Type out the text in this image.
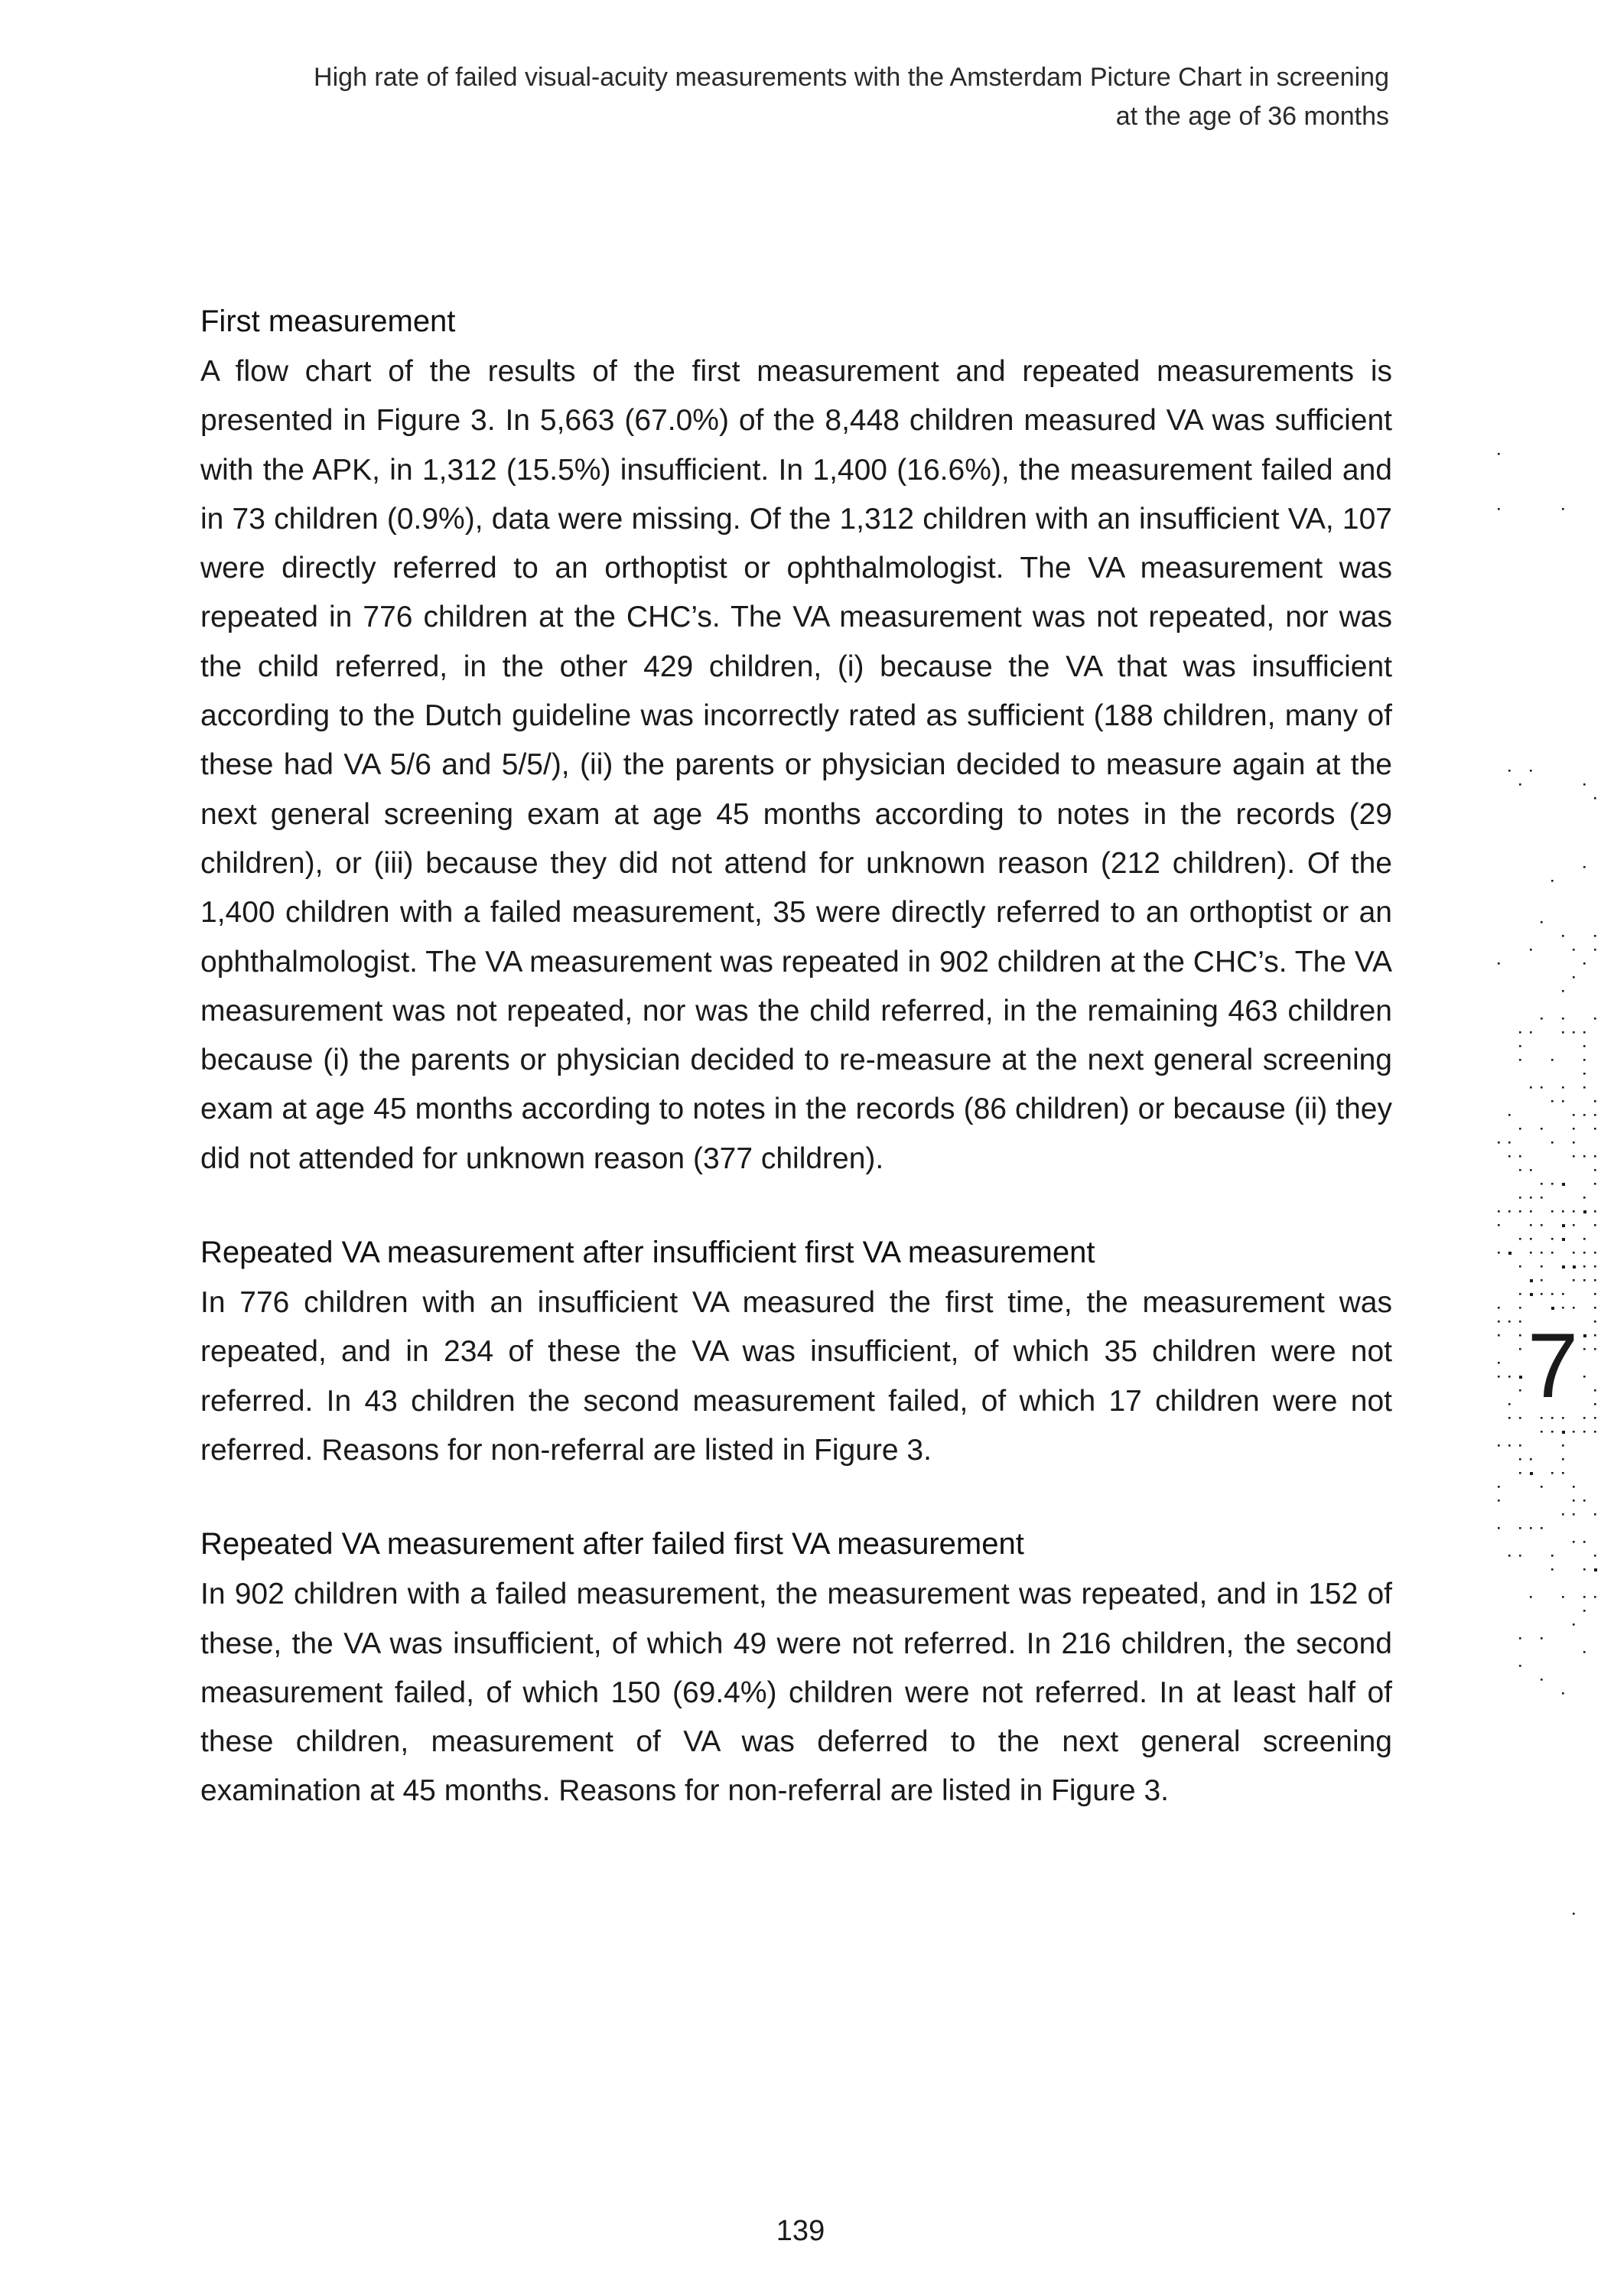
High rate of failed visual-acuity measurements with the Amsterdam Picture Chart in screening
at the age of 36 months
First measurement

A flow chart of the results of the first measurement and repeated measurements is presented in Figure 3. In 5,663 (67.0%) of the 8,448 children measured VA was sufficient with the APK, in 1,312 (15.5%) insufficient. In 1,400 (16.6%), the measurement failed and in 73 children (0.9%), data were missing. Of the 1,312 children with an insufficient VA, 107 were directly referred to an orthoptist or ophthalmologist. The VA measurement was repeated in 776 children at the CHC’s. The VA measurement was not repeated, nor was the child referred, in the other 429 children, (i) because the VA that was insufficient according to the Dutch guideline was incorrectly rated as sufficient (188 children, many of these had VA 5/6 and 5/5/), (ii) the parents or physician decided to measure again at the next general screening exam at age 45 months according to notes in the records (29 children), or (iii) because they did not attend for unknown reason (212 children). Of the 1,400 children with a failed measurement, 35 were directly referred to an orthoptist or an ophthalmologist. The VA measurement was repeated in 902 children at the CHC’s. The VA measurement was not repeated, nor was the child referred, in the remaining 463 children because (i) the parents or physician decided to re-measure at the next general screening exam at age 45 months according to notes in the records (86 children) or because (ii) they did not attended for unknown reason (377 children).

Repeated VA measurement after insufficient first VA measurement

In 776 children with an insufficient VA measured the first time, the measurement was repeated, and in 234 of these the VA was insufficient, of which 35 children were not referred. In 43 children the second measurement failed, of which 17 children were not referred. Reasons for non-referral are listed in Figure 3.

Repeated VA measurement after failed first VA measurement

In 902 children with a failed measurement, the measurement was repeated, and in 152 of these, the VA was insufficient, of which 49 were not referred. In 216 children, the second measurement failed, of which 150 (69.4%) children were not referred. In at least half of these children, measurement of VA was deferred to the next general screening examination at 45 months. Reasons for non-referral are listed in Figure 3.

7
139
